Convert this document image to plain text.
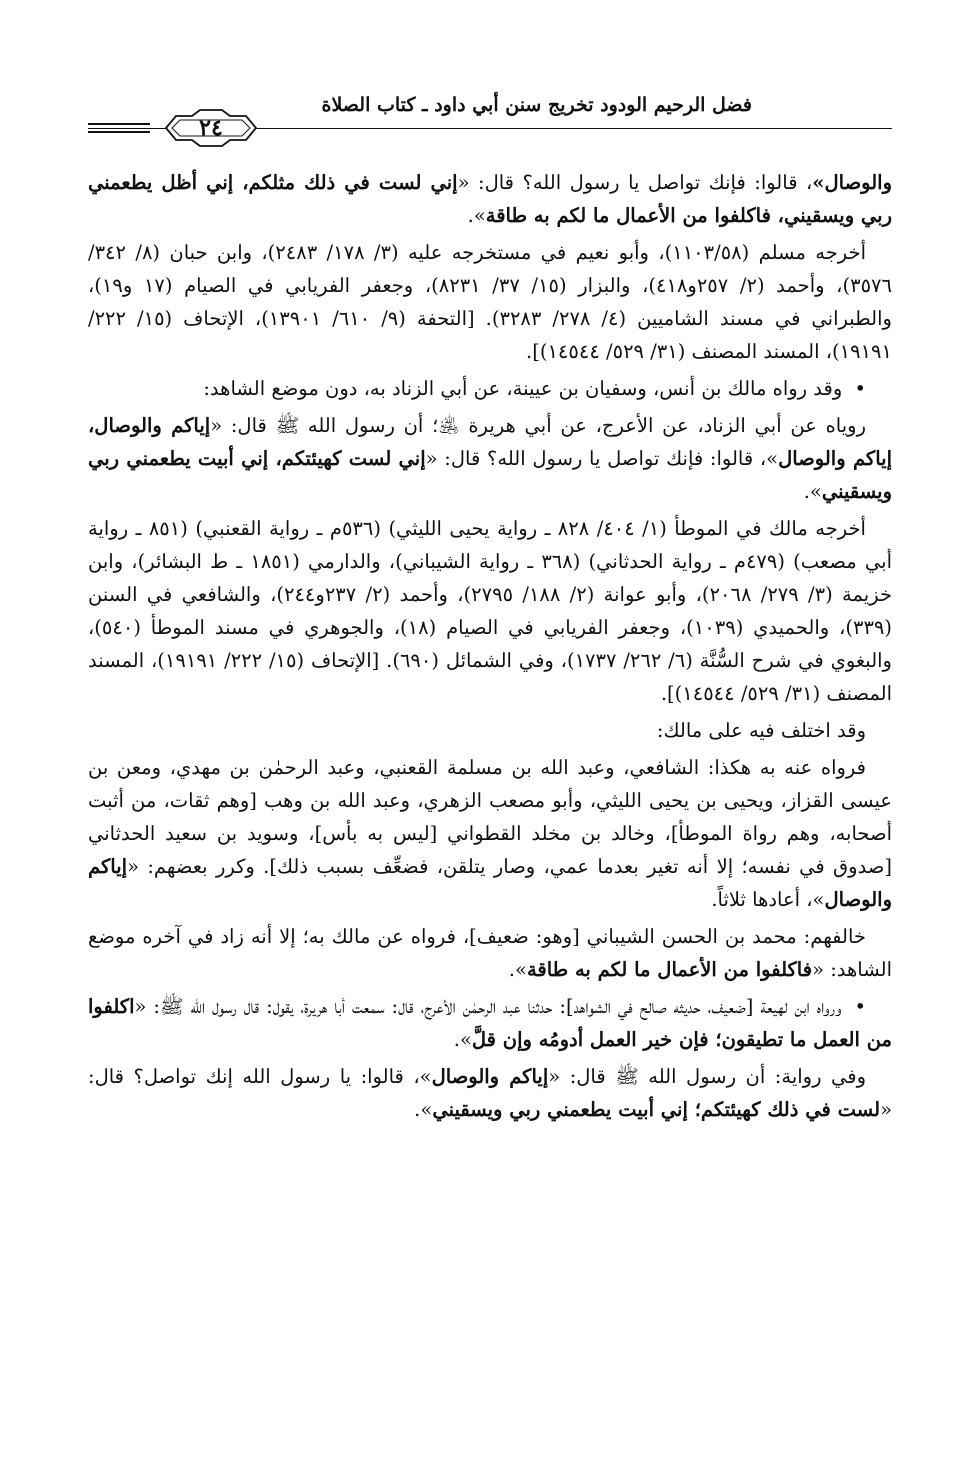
فضل الرحيم الودود تخريج سنن أبي داود ـ كتاب الصلاة
٢٤

والوصال»، قالوا: فإنك تواصل يا رسول الله؟ قال: «إني لست في ذلك مثلكم، إني أظل يطعمني ربي ويسقيني، فاكلفوا من الأعمال ما لكم به طاقة».

أخرجه مسلم (١١٠٣/٥٨)، وأبو نعيم في مستخرجه عليه (٣/ ١٧٨/ ٢٤٨٣)، وابن حبان (٨/ ٣٤٢/ ٣٥٧٦)، وأحمد (٢/ ٢٥٧و٤١٨)، والبزار (١٥/ ٣٧/ ٨٢٣١)، وجعفر الفريابي في الصيام (١٧ و١٩)، والطبراني في مسند الشاميين (٤/ ٢٧٨/ ٣٢٨٣). [التحفة (٩/ ٦١٠/ ١٣٩٠١)، الإتحاف (١٥/ ٢٢٢/ ١٩١٩١)، المسند المصنف (٣١/ ٥٢٩/ ١٤٥٤٤)].

• وقد رواه مالك بن أنس، وسفيان بن عيينة، عن أبي الزناد به، دون موضع الشاهد:

روياه عن أبي الزناد، عن الأعرج، عن أبي هريرة ﵁؛ أن رسول الله ﷺ قال: «إياكم والوصال، إياكم والوصال»، قالوا: فإنك تواصل يا رسول الله؟ قال: «إني لست كهيئتكم، إني أبيت يطعمني ربي ويسقيني».

أخرجه مالك في الموطأ (١/ ٤٠٤/ ٨٢٨ ـ رواية يحيى الليثي) (٥٣٦م ـ رواية القعنبي) (٨٥١ ـ رواية أبي مصعب) (٤٧٩م ـ رواية الحدثاني) (٣٦٨ ـ رواية الشيباني)، والدارمي (١٨٥١ ـ ط البشائر)، وابن خزيمة (٣/ ٢٧٩/ ٢٠٦٨)، وأبو عوانة (٢/ ١٨٨/ ٢٧٩٥)، وأحمد (٢/ ٢٣٧و٢٤٤)، والشافعي في السنن (٣٣٩)، والحميدي (١٠٣٩)، وجعفر الفريابي في الصيام (١٨)، والجوهري في مسند الموطأ (٥٤٠)، والبغوي في شرح السُّنَّة (٦/ ٢٦٢/ ١٧٣٧)، وفي الشمائل (٦٩٠). [الإتحاف (١٥/ ٢٢٢/ ١٩١٩١)، المسند المصنف (٣١/ ٥٢٩/ ١٤٥٤٤)].

وقد اختلف فيه على مالك:

فرواه عنه به هكذا: الشافعي، وعبد الله بن مسلمة القعنبي، وعبد الرحمٰن بن مهدي، ومعن بن عيسى القزاز، ويحيى بن يحيى الليثي، وأبو مصعب الزهري، وعبد الله بن وهب [وهم ثقات، من أثبت أصحابه، وهم رواة الموطأ]، وخالد بن مخلد القطواني [ليس به بأس]، وسويد بن سعيد الحدثاني [صدوق في نفسه؛ إلا أنه تغير بعدما عمي، وصار يتلقن، فضعِّف بسبب ذلك]. وكرر بعضهم: «إياكم والوصال»، أعادها ثلاثاً.

خالفهم: محمد بن الحسن الشيباني [وهو: ضعيف]، فرواه عن مالك به؛ إلا أنه زاد في آخره موضع الشاهد: «فاكلفوا من الأعمال ما لكم به طاقة».

• ورواه ابن لهيعة [ضعيف، حديثه صالح في الشواهد]: حدثنا عبد الرحمٰن الأعرج، قال: سمعت أبا هريرة، يقول: قال رسول الله ﷺ: «اكلفوا من العمل ما تطيقون؛ فإن خير العمل أدومُه وإن قلَّ».

وفي رواية: أن رسول الله ﷺ قال: «إياكم والوصال»، قالوا: يا رسول الله إنك تواصل؟ قال: «لست في ذلك كهيئتكم؛ إني أبيت يطعمني ربي ويسقيني».
